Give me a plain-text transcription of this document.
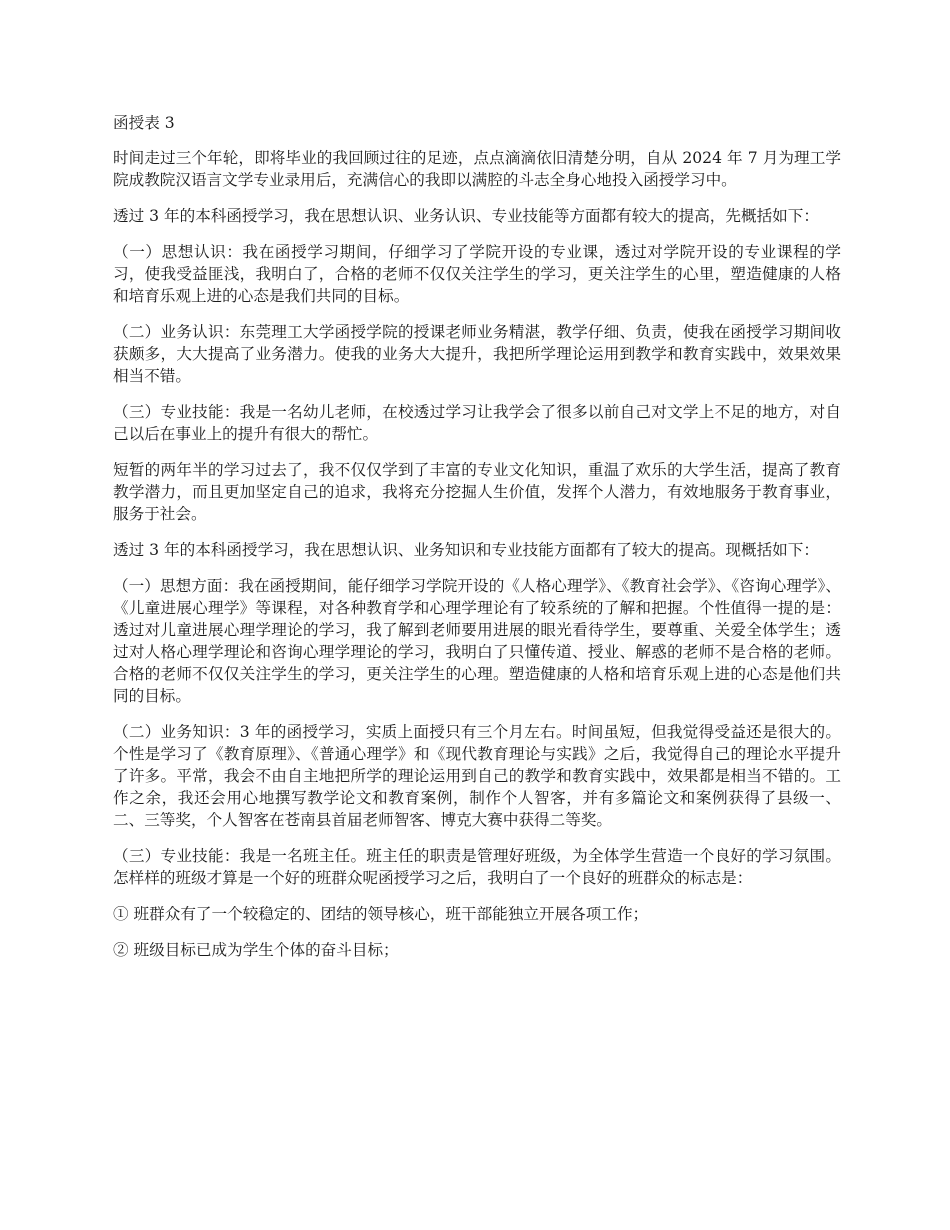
函授表 3

时间走过三个年轮，即将毕业的我回顾过往的足迹，点点滴滴依旧清楚分明，自从 2024 年 7 月为理工学院成教院汉语言文学专业录用后，充满信心的我即以满腔的斗志全身心地投入函授学习中。

透过 3 年的本科函授学习，我在思想认识、业务认识、专业技能等方面都有较大的提高，先概括如下：

（一）思想认识：我在函授学习期间，仔细学习了学院开设的专业课，透过对学院开设的专业课程的学习，使我受益匪浅，我明白了，合格的老师不仅仅关注学生的学习，更关注学生的心里，塑造健康的人格和培育乐观上进的心态是我们共同的目标。

（二）业务认识：东莞理工大学函授学院的授课老师业务精湛，教学仔细、负责，使我在函授学习期间收获颇多，大大提高了业务潜力。使我的业务大大提升，我把所学理论运用到教学和教育实践中，效果效果相当不错。

（三）专业技能：我是一名幼儿老师，在校透过学习让我学会了很多以前自己对文学上不足的地方，对自己以后在事业上的提升有很大的帮忙。

短暂的两年半的学习过去了，我不仅仅学到了丰富的专业文化知识，重温了欢乐的大学生活，提高了教育教学潜力，而且更加坚定自己的追求，我将充分挖掘人生价值，发挥个人潜力，有效地服务于教育事业，服务于社会。

透过 3 年的本科函授学习，我在思想认识、业务知识和专业技能方面都有了较大的提高。现概括如下：

（一）思想方面：我在函授期间，能仔细学习学院开设的《人格心理学》、《教育社会学》、《咨询心理学》、《儿童进展心理学》等课程，对各种教育学和心理学理论有了较系统的了解和把握。个性值得一提的是：透过对儿童进展心理学理论的学习，我了解到老师要用进展的眼光看待学生，要尊重、关爱全体学生；透过对人格心理学理论和咨询心理学理论的学习，我明白了只懂传道、授业、解惑的老师不是合格的老师。合格的老师不仅仅关注学生的学习，更关注学生的心理。塑造健康的人格和培育乐观上进的心态是他们共同的目标。

（二）业务知识：3 年的函授学习，实质上面授只有三个月左右。时间虽短，但我觉得受益还是很大的。个性是学习了《教育原理》、《普通心理学》和《现代教育理论与实践》之后，我觉得自己的理论水平提升了许多。平常，我会不由自主地把所学的理论运用到自己的教学和教育实践中，效果都是相当不错的。工作之余，我还会用心地撰写教学论文和教育案例，制作个人智客，并有多篇论文和案例获得了县级一、二、三等奖，个人智客在苍南县首届老师智客、博克大赛中获得二等奖。

（三）专业技能：我是一名班主任。班主任的职责是管理好班级，为全体学生营造一个良好的学习氛围。怎样样的班级才算是一个好的班群众呢函授学习之后，我明白了一个良好的班群众的标志是：

① 班群众有了一个较稳定的、团结的领导核心，班干部能独立开展各项工作；

② 班级目标已成为学生个体的奋斗目标；
